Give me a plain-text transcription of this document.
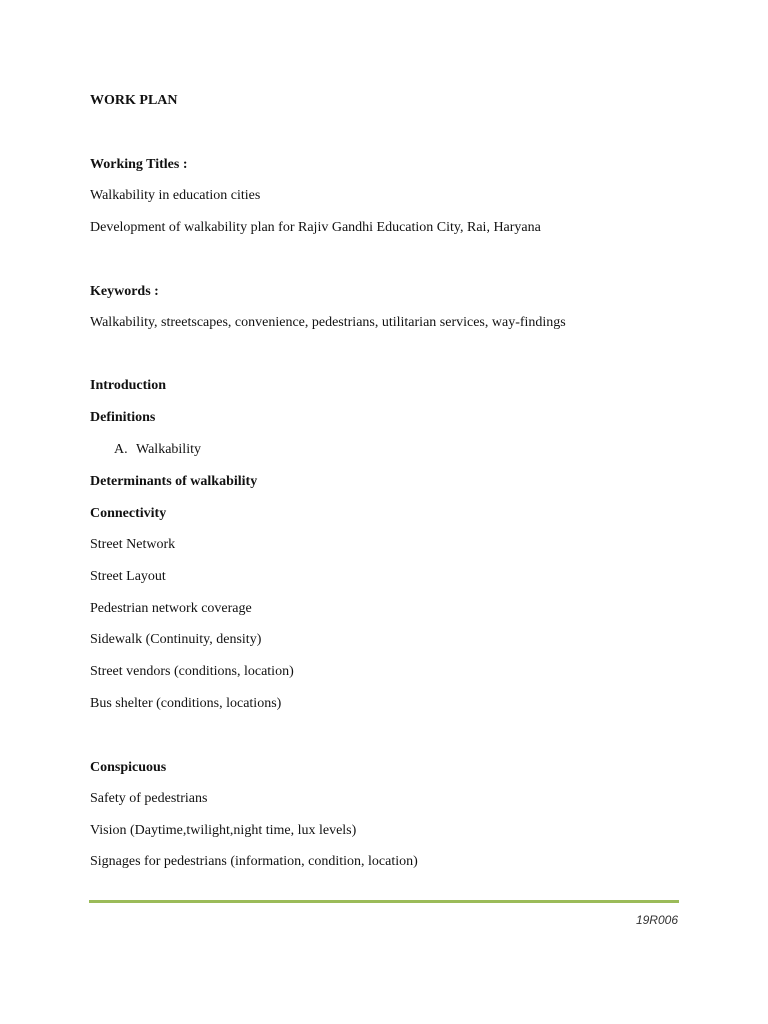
WORK PLAN
Working Titles :
Walkability in education cities
Development of walkability plan for Rajiv Gandhi Education City, Rai, Haryana
Keywords :
Walkability, streetscapes, convenience, pedestrians, utilitarian services, way-findings
Introduction
Definitions
A. Walkability
Determinants of walkability
Connectivity
Street Network
Street Layout
Pedestrian network coverage
Sidewalk (Continuity, density)
Street vendors (conditions, location)
Bus shelter (conditions, locations)
Conspicuous
Safety of pedestrians
Vision (Daytime,twilight,night time, lux levels)
Signages for pedestrians (information, condition, location)
19R006
